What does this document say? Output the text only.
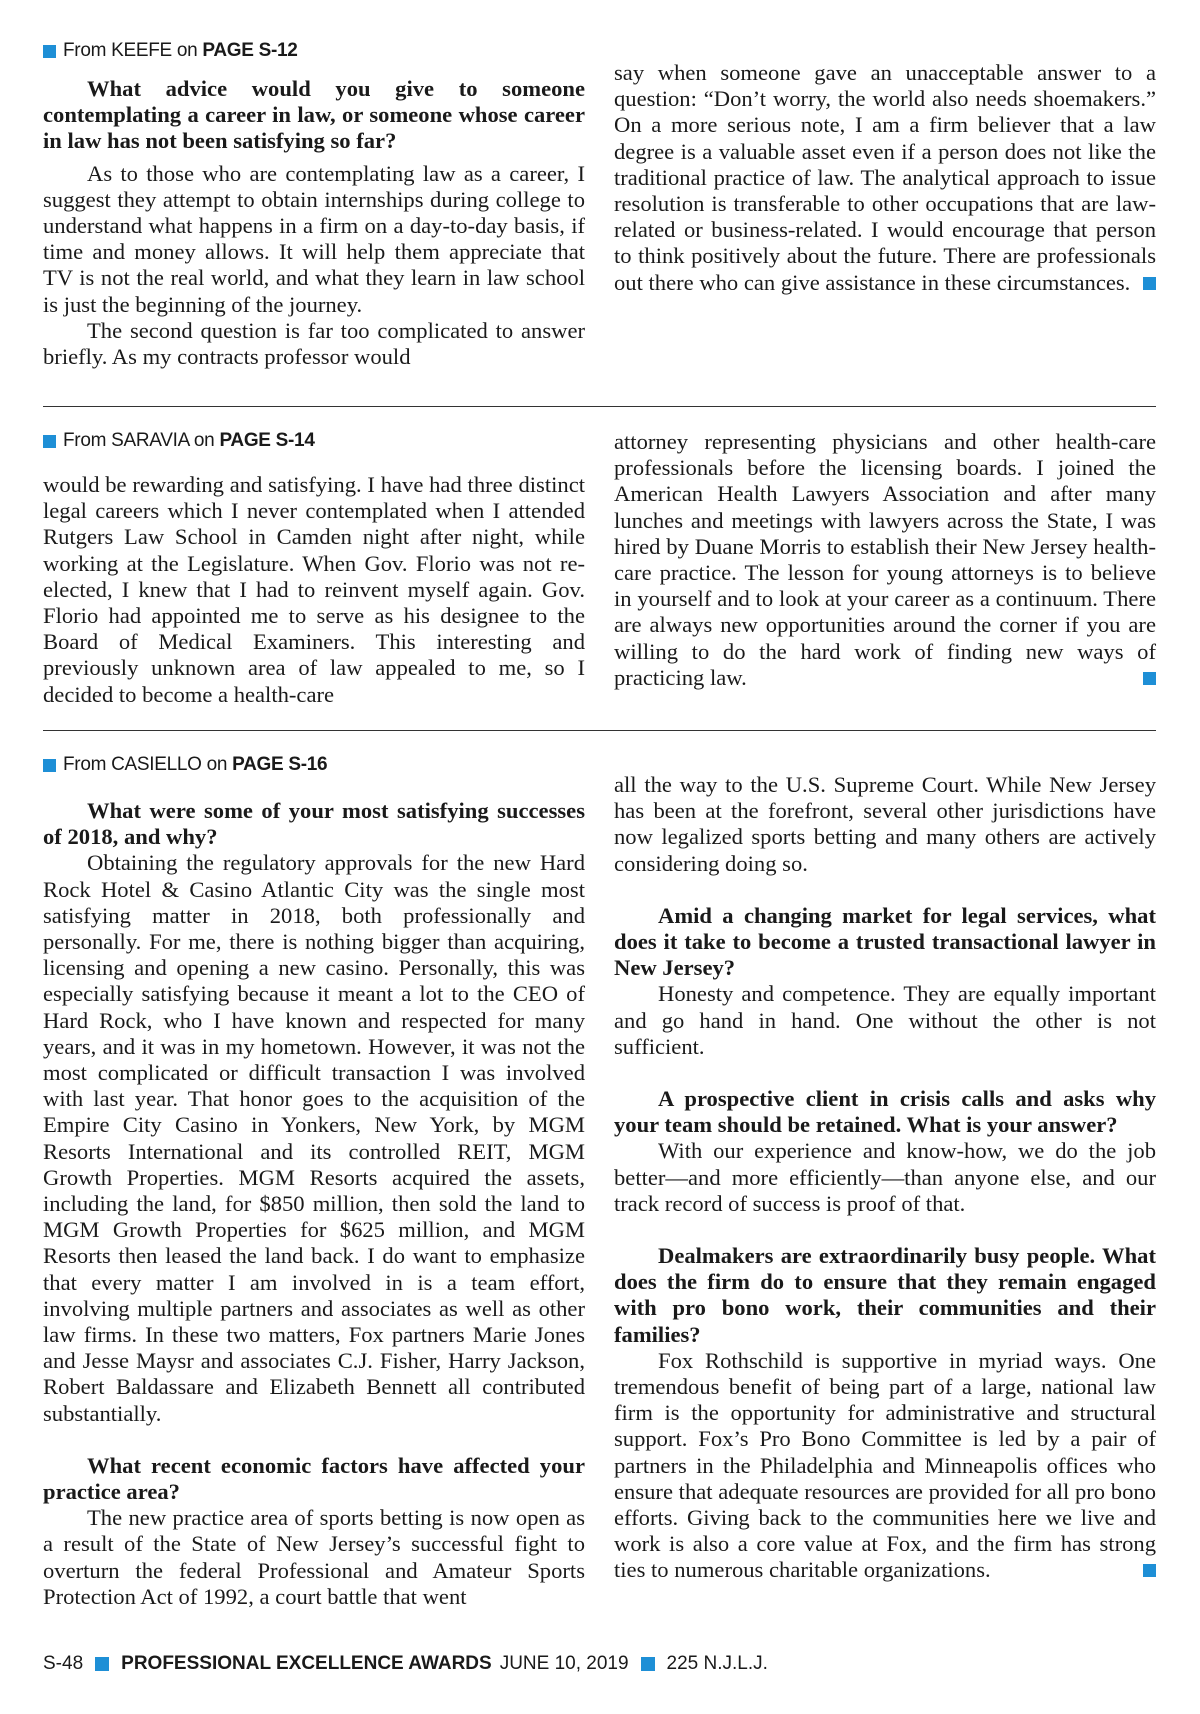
From KEEFE on PAGE S-12
What advice would you give to someone contemplating a career in law, or someone whose career in law has not been satisfying so far?
As to those who are contemplating law as a career, I suggest they attempt to obtain internships during college to understand what happens in a firm on a day-to-day basis, if time and money allows. It will help them appreciate that TV is not the real world, and what they learn in law school is just the beginning of the journey.
The second question is far too complicated to answer briefly. As my contracts professor would
say when someone gave an unacceptable answer to a question: “Don’t worry, the world also needs shoemakers.” On a more serious note, I am a firm believer that a law degree is a valuable asset even if a person does not like the traditional practice of law. The analytical approach to issue resolution is transferable to other occupations that are law-related or business-related. I would encourage that person to think positively about the future. There are professionals out there who can give assistance in these circumstances.
From SARAVIA on PAGE S-14
would be rewarding and satisfying. I have had three distinct legal careers which I never contemplated when I attended Rutgers Law School in Camden night after night, while working at the Legislature. When Gov. Florio was not re-elected, I knew that I had to reinvent myself again. Gov. Florio had appointed me to serve as his designee to the Board of Medical Examiners. This interesting and previously unknown area of law appealed to me, so I decided to become a health-care
attorney representing physicians and other health-care professionals before the licensing boards. I joined the American Health Lawyers Association and after many lunches and meetings with lawyers across the State, I was hired by Duane Morris to establish their New Jersey health-care practice. The lesson for young attorneys is to believe in yourself and to look at your career as a continuum. There are always new opportunities around the corner if you are willing to do the hard work of finding new ways of practicing law.
From CASIELLO on PAGE S-16
What were some of your most satisfying successes of 2018, and why?
Obtaining the regulatory approvals for the new Hard Rock Hotel & Casino Atlantic City was the single most satisfying matter in 2018, both professionally and personally. For me, there is nothing bigger than acquiring, licensing and opening a new casino. Personally, this was especially satisfying because it meant a lot to the CEO of Hard Rock, who I have known and respected for many years, and it was in my hometown. However, it was not the most complicated or difficult transaction I was involved with last year. That honor goes to the acquisition of the Empire City Casino in Yonkers, New York, by MGM Resorts International and its controlled REIT, MGM Growth Properties. MGM Resorts acquired the assets, including the land, for $850 million, then sold the land to MGM Growth Properties for $625 million, and MGM Resorts then leased the land back. I do want to emphasize that every matter I am involved in is a team effort, involving multiple partners and associates as well as other law firms. In these two matters, Fox partners Marie Jones and Jesse Maysr and associates C.J. Fisher, Harry Jackson, Robert Baldassare and Elizabeth Bennett all contributed substantially.
What recent economic factors have affected your practice area?
The new practice area of sports betting is now open as a result of the State of New Jersey’s successful fight to overturn the federal Professional and Amateur Sports Protection Act of 1992, a court battle that went
all the way to the U.S. Supreme Court. While New Jersey has been at the forefront, several other jurisdictions have now legalized sports betting and many others are actively considering doing so.
Amid a changing market for legal services, what does it take to become a trusted transactional lawyer in New Jersey?
Honesty and competence. They are equally important and go hand in hand. One without the other is not sufficient.
A prospective client in crisis calls and asks why your team should be retained. What is your answer?
With our experience and know-how, we do the job better—and more efficiently—than anyone else, and our track record of success is proof of that.
Dealmakers are extraordinarily busy people. What does the firm do to ensure that they remain engaged with pro bono work, their communities and their families?
Fox Rothschild is supportive in myriad ways. One tremendous benefit of being part of a large, national law firm is the opportunity for administrative and structural support. Fox’s Pro Bono Committee is led by a pair of partners in the Philadelphia and Minneapolis offices who ensure that adequate resources are provided for all pro bono efforts. Giving back to the communities here we live and work is also a core value at Fox, and the firm has strong ties to numerous charitable organizations.
S-48 PROFESSIONAL EXCELLENCE AWARDS JUNE 10, 2019 225 N.J.L.J.
